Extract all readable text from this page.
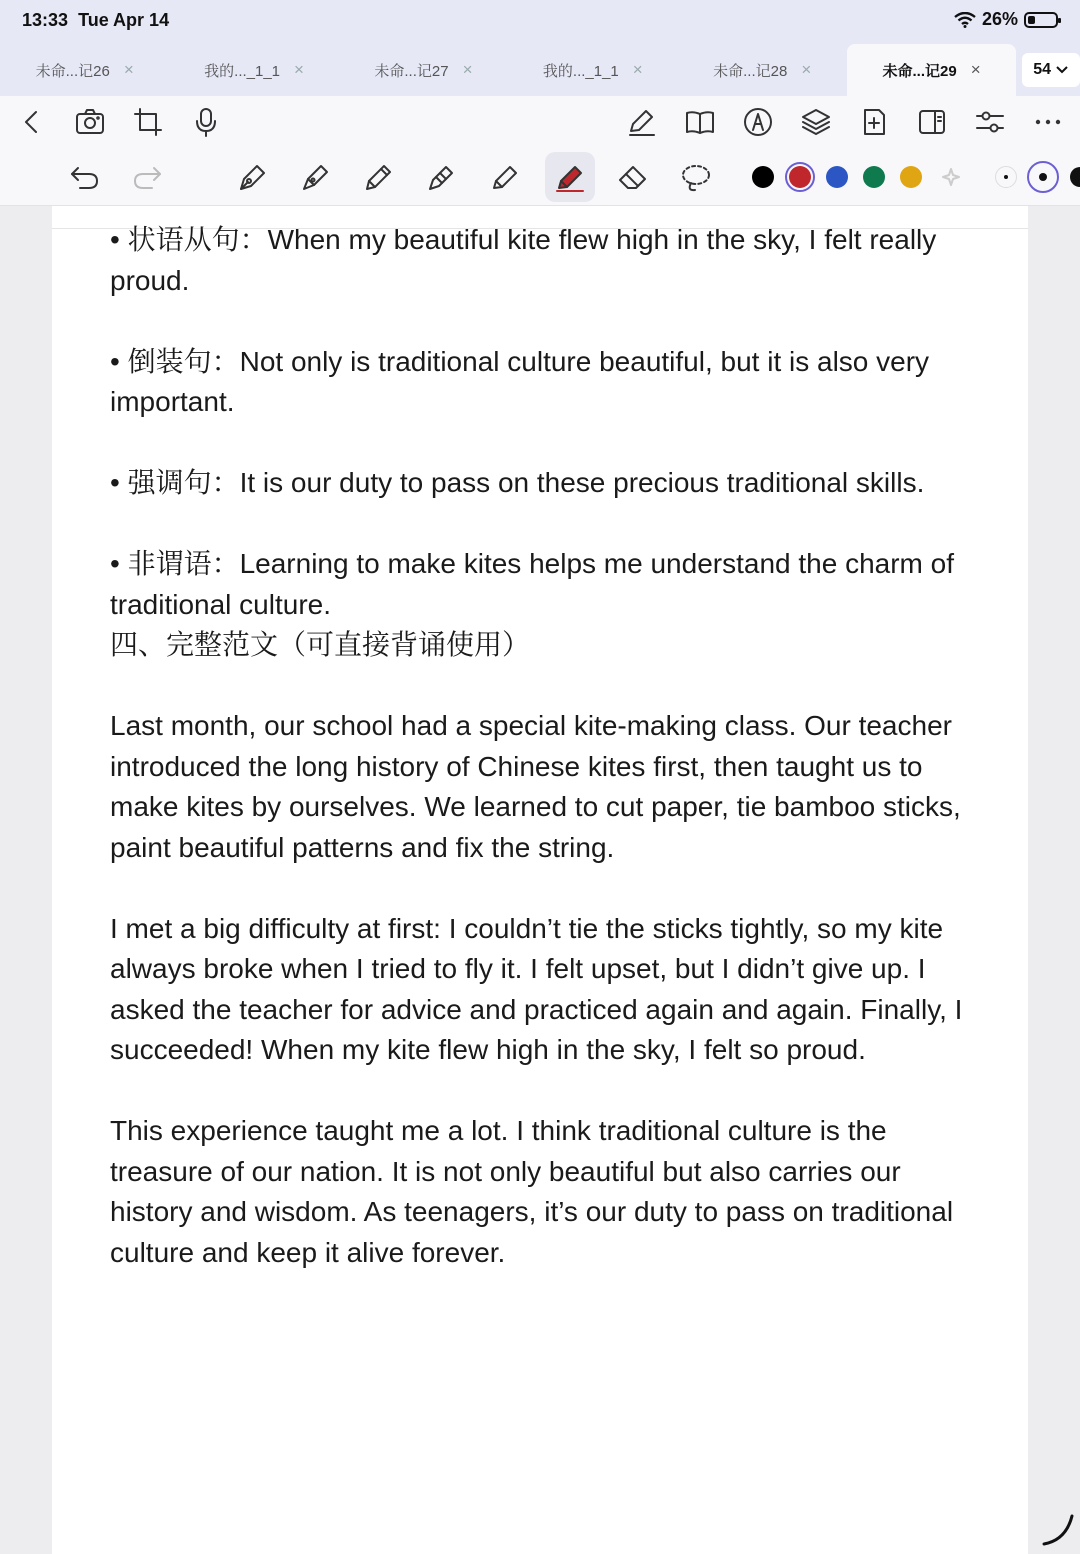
13:33 Tue Apr 14	26%
未命...记26 ×	我的..._1_1 ×	未命...记27 ×	我的..._1_1 ×	未命...记28 ×	未命...记29 ×	54

• 状语从句：When my beautiful kite flew high in the sky, I felt really proud.

• 倒装句：Not only is traditional culture beautiful, but it is also very important.

• 强调句：It is our duty to pass on these precious traditional skills.

• 非谓语：Learning to make kites helps me understand the charm of traditional culture.

四、完整范文（可直接背诵使用）

Last month, our school had a special kite-making class. Our teacher introduced the long history of Chinese kites first, then taught us to make kites by ourselves. We learned to cut paper, tie bamboo sticks, paint beautiful patterns and fix the string.

I met a big difficulty at first: I couldn’t tie the sticks tightly, so my kite always broke when I tried to fly it. I felt upset, but I didn’t give up. I asked the teacher for advice and practiced again and again. Finally, I succeeded! When my kite flew high in the sky, I felt so proud.

This experience taught me a lot. I think traditional culture is the treasure of our nation. It is not only beautiful but also carries our history and wisdom. As teenagers, it’s our duty to pass on traditional culture and keep it alive forever.
